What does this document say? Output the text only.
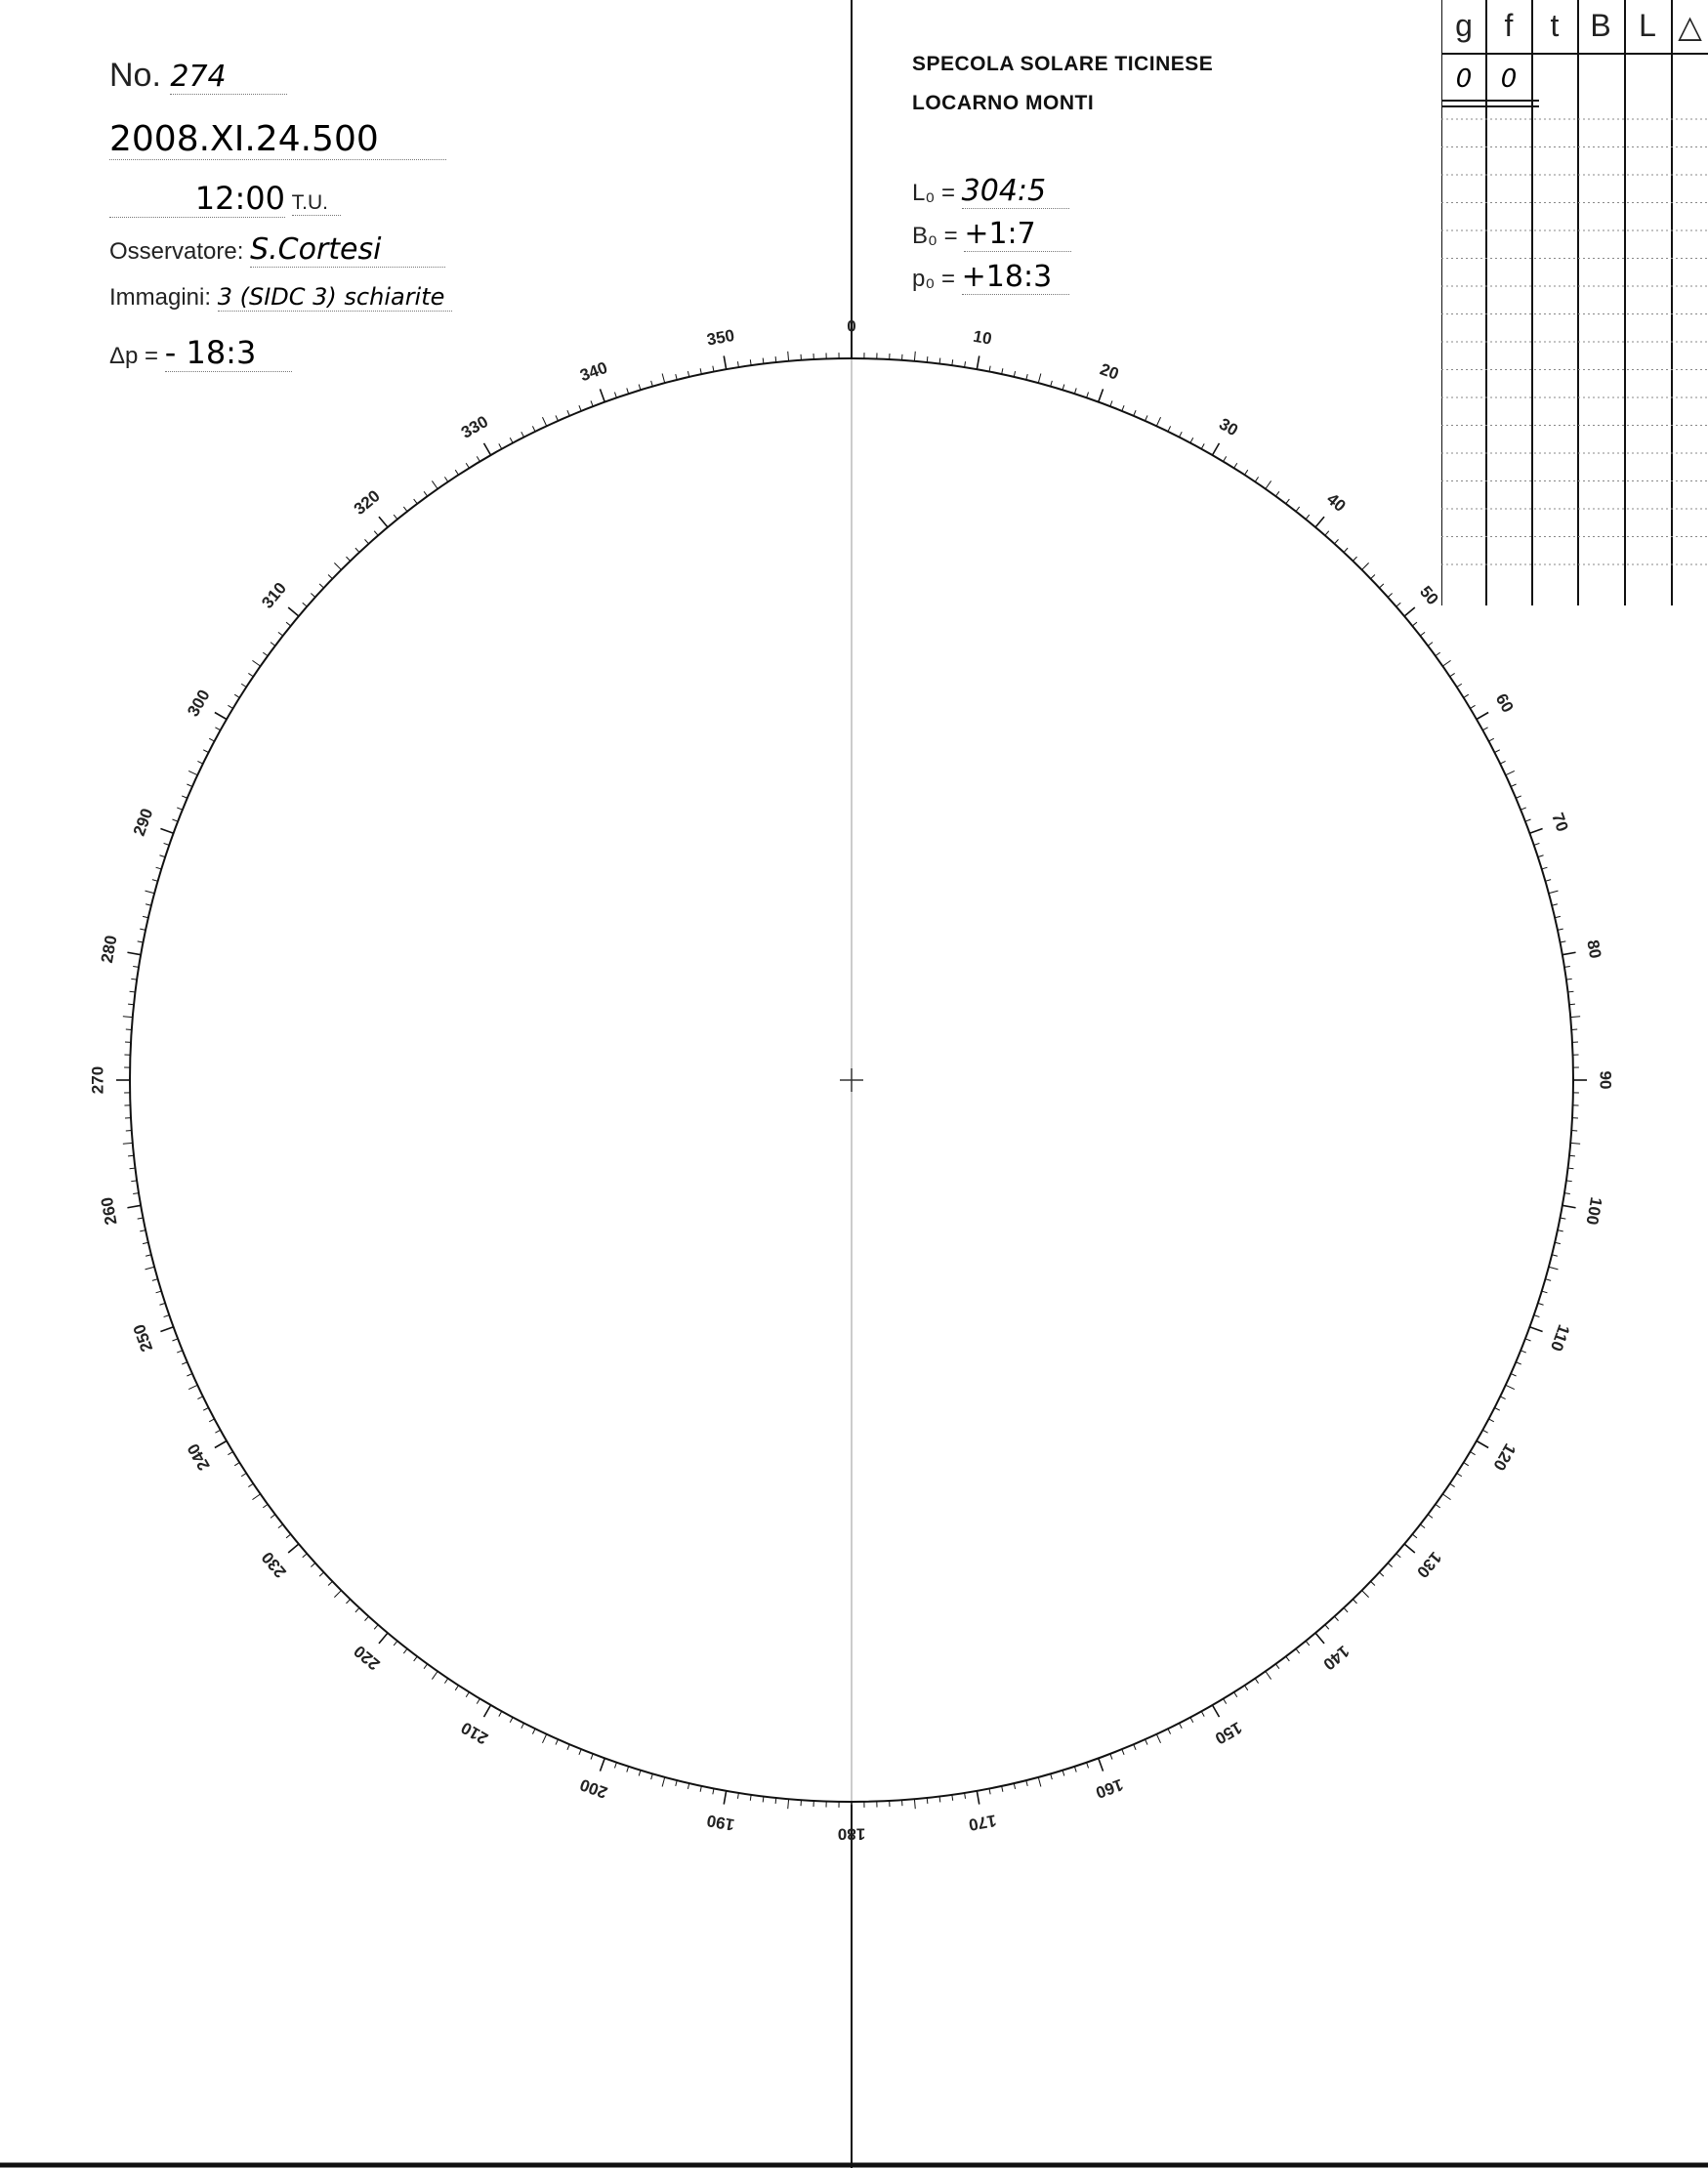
No. 274
2008.XI.24.500
12:00 T.U.
Osservatore: S.Cortesi
Immagini: 3 (SIDC 3) schiarite
Δp = - 18:3
SPECOLA SOLARE TICINESE
LOCARNO MONTI
L₀ = 304:5
B₀ = +1:7
p₀ = +18:3
0
10
20
30
40
50
60
70
80
90
100
110
120
130
140
150
160
170
180
190
200
210
220
230
240
250
260
270
280
290
300
310
320
330
340
350
g	f	t B L △
0	0
